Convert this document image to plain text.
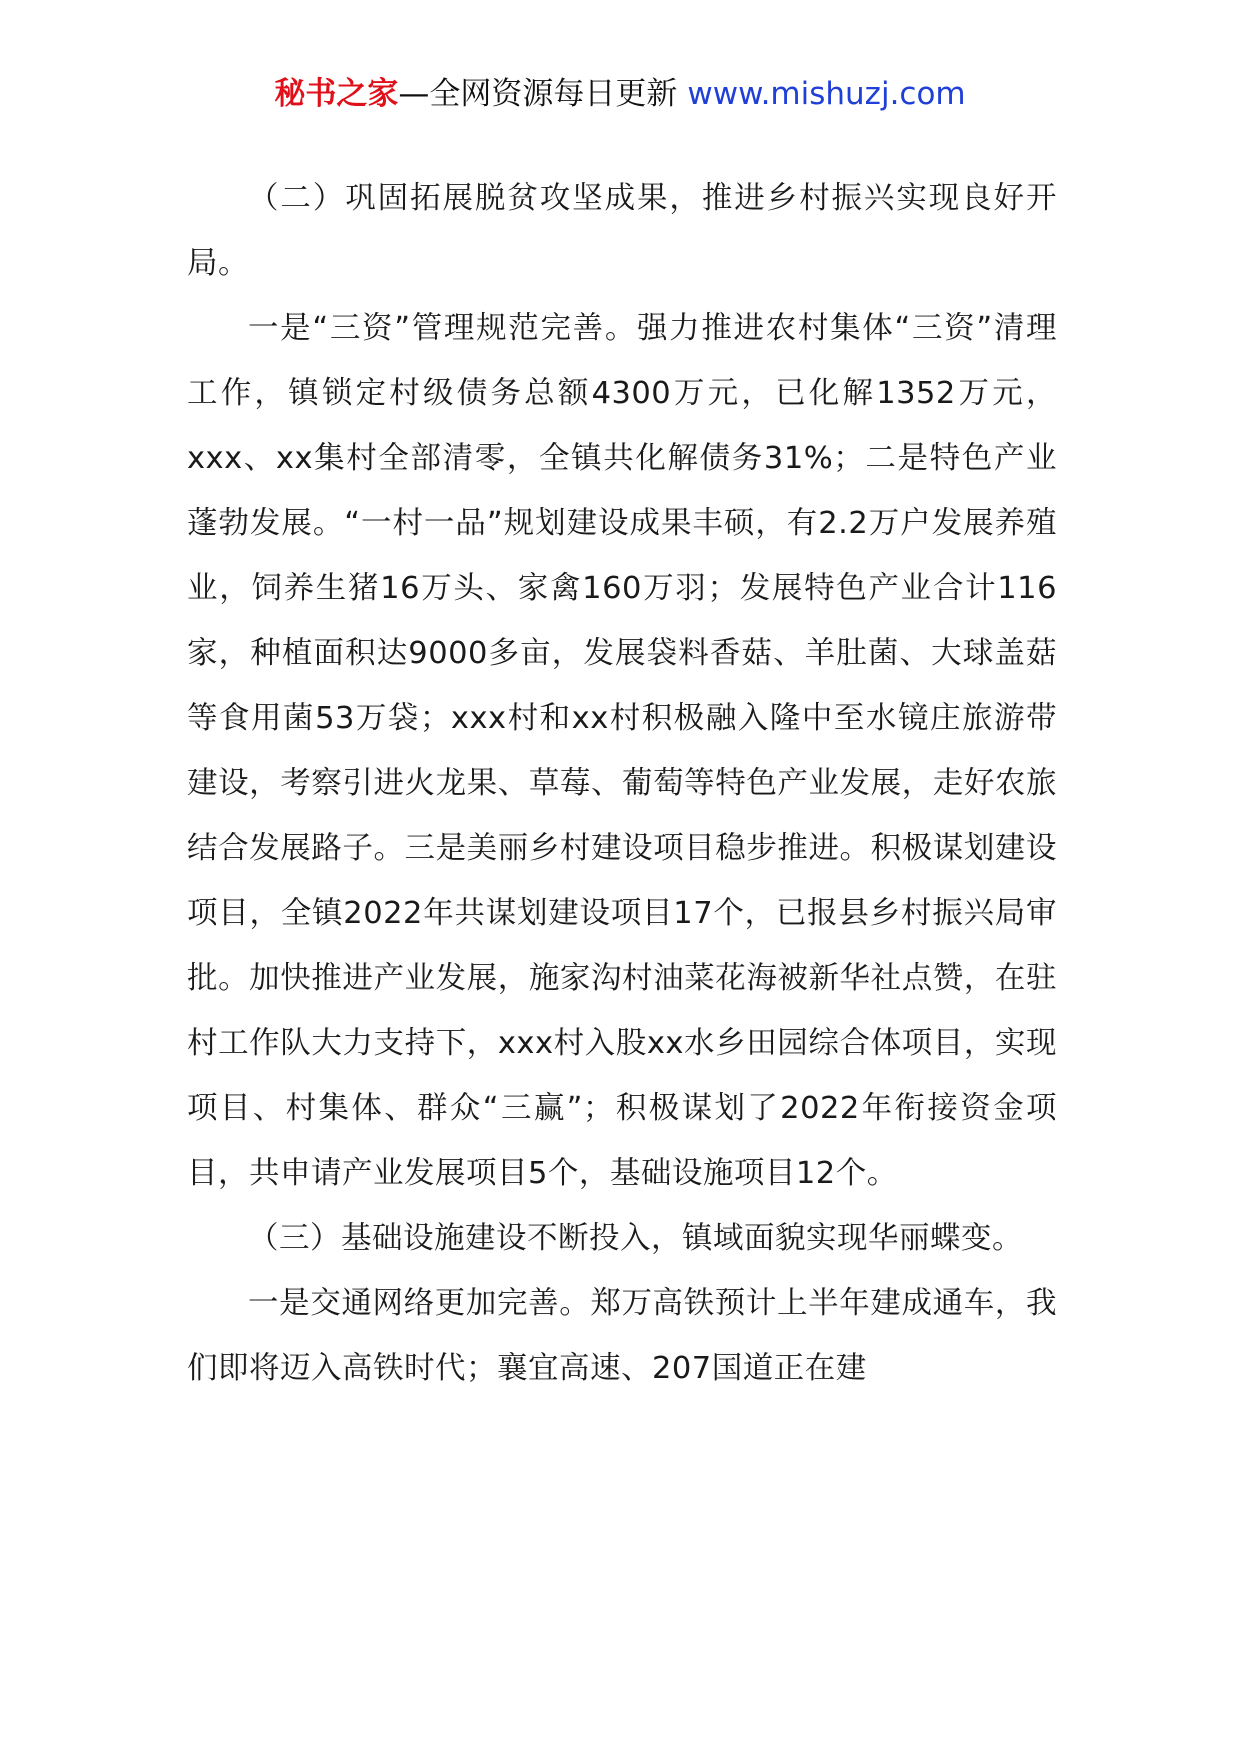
秘书之家—全网资源每日更新 www.mishuzj.com

（二）巩固拓展脱贫攻坚成果，推进乡村振兴实现良好开局。

一是“三资”管理规范完善。强力推进农村集体“三资”清理工作，镇锁定村级债务总额4300万元，已化解1352万元，xxx、xx集村全部清零，全镇共化解债务31%；二是特色产业蓬勃发展。“一村一品”规划建设成果丰硕，有2.2万户发展养殖业，饲养生猪16万头、家禽160万羽；发展特色产业合计116家，种植面积达9000多亩，发展袋料香菇、羊肚菌、大球盖菇等食用菌53万袋；xxx村和xx村积极融入隆中至水镜庄旅游带建设，考察引进火龙果、草莓、葡萄等特色产业发展，走好农旅结合发展路子。三是美丽乡村建设项目稳步推进。积极谋划建设项目，全镇2022年共谋划建设项目17个，已报县乡村振兴局审批。加快推进产业发展，施家沟村油菜花海被新华社点赞，在驻村工作队大力支持下，xxx村入股xx水乡田园综合体项目，实现项目、村集体、群众“三赢”；积极谋划了2022年衔接资金项目，共申请产业发展项目5个，基础设施项目12个。

（三）基础设施建设不断投入，镇域面貌实现华丽蝶变。

一是交通网络更加完善。郑万高铁预计上半年建成通车，我们即将迈入高铁时代；襄宜高速、207国道正在建
